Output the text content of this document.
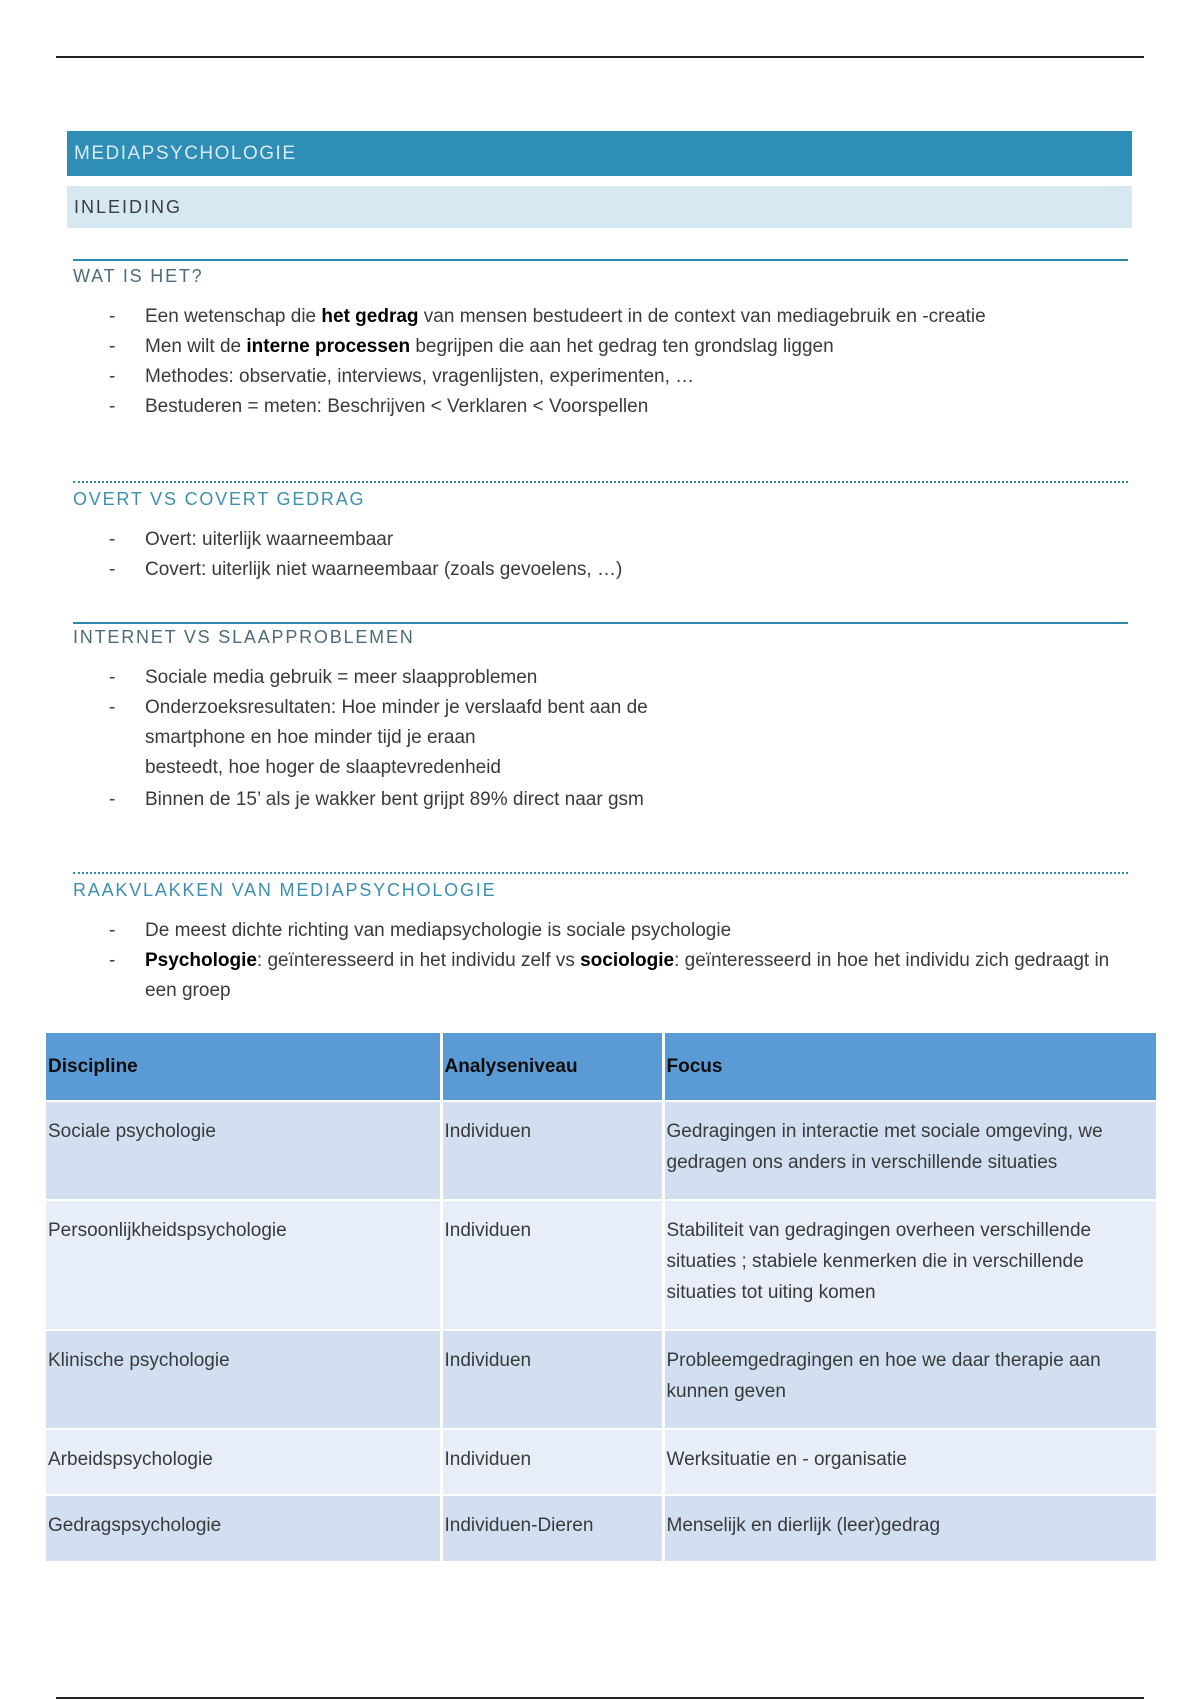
MEDIAPSYCHOLOGIE
INLEIDING
WAT IS HET?
- Een wetenschap die het gedrag van mensen bestudeert in de context van mediagebruik en -creatie
- Men wilt de interne processen begrijpen die aan het gedrag ten grondslag liggen
- Methodes: observatie, interviews, vragenlijsten, experimenten, …
- Bestuderen = meten: Beschrijven < Verklaren < Voorspellen
OVERT VS COVERT GEDRAG
- Overt: uiterlijk waarneembaar
- Covert: uiterlijk niet waarneembaar (zoals gevoelens, …)
INTERNET VS SLAAPPROBLEMEN
- Sociale media gebruik = meer slaapproblemen
- Onderzoeksresultaten: Hoe minder je verslaafd bent aan de
smartphone en hoe minder tijd je eraan
besteedt, hoe hoger de slaaptevredenheid
- Binnen de 15’ als je wakker bent grijpt 89% direct naar gsm
RAAKVLAKKEN VAN MEDIAPSYCHOLOGIE
- De meest dichte richting van mediapsychologie is sociale psychologie
- Psychologie: geïnteresseerd in het individu zelf vs sociologie: geïnteresseerd in hoe het individu zich gedraagt in een groep
Discipline	Analyseniveau	Focus
Sociale psychologie	Individuen	Gedragingen in interactie met sociale omgeving, we gedragen ons anders in verschillende situaties
Persoonlijkheidspsychologie	Individuen	Stabiliteit van gedragingen overheen verschillende situaties ; stabiele kenmerken die in verschillende situaties tot uiting komen
Klinische psychologie	Individuen	Probleemgedragingen en hoe we daar therapie aan kunnen geven
Arbeidspsychologie	Individuen	Werksituatie en - organisatie
Gedragspsychologie	Individuen-Dieren	Menselijk en dierlijk (leer)gedrag
